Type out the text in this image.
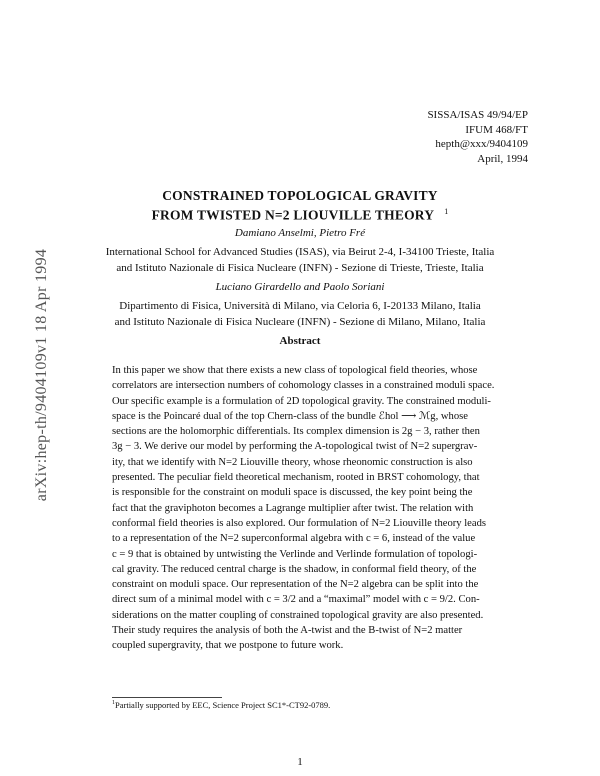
arXiv:hep-th/9404109v1 18 Apr 1994
SISSA/ISAS 49/94/EP
IFUM 468/FT
hepth@xxx/9404109
April, 1994
CONSTRAINED TOPOLOGICAL GRAVITY
FROM TWISTED N=2 LIOUVILLE THEORY $^1$
Damiano Anselmi, Pietro Fré
International School for Advanced Studies (ISAS), via Beirut 2-4, I-34100 Trieste, Italia
and Istituto Nazionale di Fisica Nucleare (INFN) - Sezione di Trieste, Trieste, Italia
Luciano Girardello and Paolo Soriani
Dipartimento di Fisica, Università di Milano, via Celoria 6, I-20133 Milano, Italia
and Istituto Nazionale di Fisica Nucleare (INFN) - Sezione di Milano, Milano, Italia
Abstract
In this paper we show that there exists a new class of topological field theories, whose
correlators are intersection numbers of cohomology classes in a constrained moduli space.
Our specific example is a formulation of 2D topological gravity. The constrained moduli-
space is the Poincaré dual of the top Chern-class of the bundle ℰhol ⟶ ℳg, whose
sections are the holomorphic differentials. Its complex dimension is 2g − 3, rather then
3g − 3. We derive our model by performing the A-topological twist of N=2 supergrav-
ity, that we identify with N=2 Liouville theory, whose rheonomic construction is also
presented. The peculiar field theoretical mechanism, rooted in BRST cohomology, that
is responsible for the constraint on moduli space is discussed, the key point being the
fact that the graviphoton becomes a Lagrange multiplier after twist. The relation with
conformal field theories is also explored. Our formulation of N=2 Liouville theory leads
to a representation of the N=2 superconformal algebra with c = 6, instead of the value
c = 9 that is obtained by untwisting the Verlinde and Verlinde formulation of topologi-
cal gravity. The reduced central charge is the shadow, in conformal field theory, of the
constraint on moduli space. Our representation of the N=2 algebra can be split into the
direct sum of a minimal model with c = 3/2 and a “maximal” model with c = 9/2. Con-
siderations on the matter coupling of constrained topological gravity are also presented.
Their study requires the analysis of both the A-twist and the B-twist of N=2 matter
coupled supergravity, that we postpone to future work.
$^1$Partially supported by EEC, Science Project SC1*-CT92-0789.
1
